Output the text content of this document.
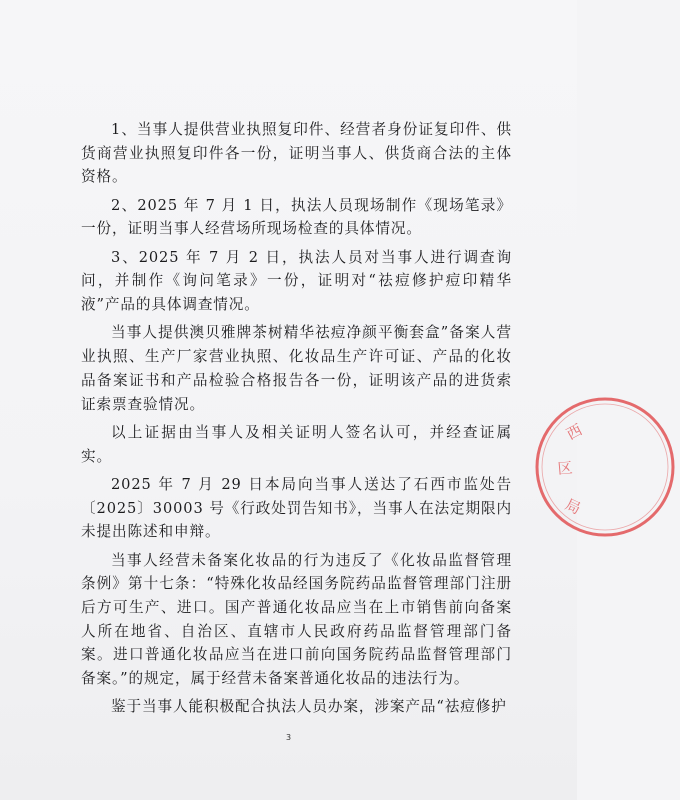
1、当事人提供营业执照复印件、经营者身份证复印件、供货商营业执照复印件各一份，证明当事人、供货商合法的主体资格。

2、2025 年 7 月 1 日，执法人员现场制作《现场笔录》一份，证明当事人经营场所现场检查的具体情况。

3、2025 年 7 月 2 日，执法人员对当事人进行调查询问，并制作《询问笔录》一份，证明对“祛痘修护痘印精华液”产品的具体调查情况。

当事人提供澳贝雅牌茶树精华祛痘净颜平衡套盒”备案人营业执照、生产厂家营业执照、化妆品生产许可证、产品的化妆品备案证书和产品检验合格报告各一份，证明该产品的进货索证索票查验情况。

以上证据由当事人及相关证明人签名认可，并经查证属实。

2025 年 7 月 29 日本局向当事人送达了石西市监处告〔2025〕30003 号《行政处罚告知书》，当事人在法定期限内未提出陈述和申辩。

当事人经营未备案化妆品的行为违反了《化妆品监督管理条例》第十七条：“特殊化妆品经国务院药品监督管理部门注册后方可生产、进口。国产普通化妆品应当在上市销售前向备案人所在地省、自治区、直辖市人民政府药品监督管理部门备案。进口普通化妆品应当在进口前向国务院药品监督管理部门备案。”的规定，属于经营未备案普通化妆品的违法行为。

鉴于当事人能积极配合执法人员办案，涉案产品“祛痘修护

西
区
局
3
